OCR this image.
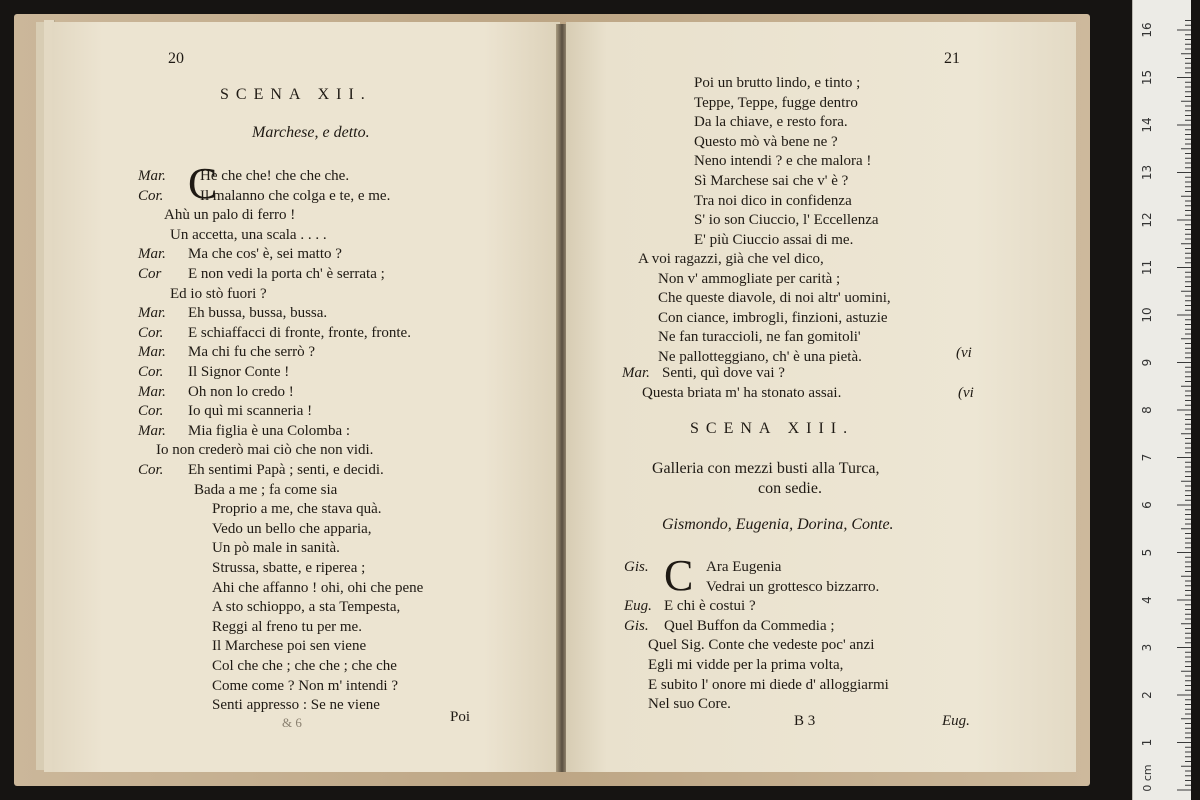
20
SCENA XII.
Marchese, e detto.
C
Mar. He che che! che che che.
Cor. Il malanno che colga e te, e me.
Ahù un palo di ferro !
Un accetta, una scala . . . .
Mar. Ma che cos' è, sei matto ?
Cor E non vedi la porta ch' è serrata ;
Ed io stò fuori ?
Mar. Eh bussa, bussa, bussa.
Cor. E schiaffacci di fronte, fronte, fronte.
Mar. Ma chi fu che serrò ?
Cor. Il Signor Conte !
Mar. Oh non lo credo !
Cor. Io quì mi scanneria !
Mar. Mia figlia è una Colomba :
Io non crederò mai ciò che non vidi.
Cor. Eh sentimi Papà ; senti, e decidi.
Bada a me ; fa come sia
Proprio a me, che stava quà.
Vedo un bello che apparia,
Un pò male in sanità.
Strussa, sbatte, e riperea ;
Ahi che affanno ! ohi, ohi che pene
A sto schioppo, a sta Tempesta,
Reggi al freno tu per me.
Il Marchese poi sen viene
Col che che ; che che ; che che
Come come ? Non m' intendi ?
Senti appresso : Se ne viene
& 6	Poi
21
Poi un brutto lindo, e tinto ;
Teppe, Teppe, fugge dentro
Da la chiave, e resto fora.
Questo mò và bene ne ?
Neno intendi ? e che malora !
Sì Marchese sai che v' è ?
Tra noi dico in confidenza
S' io son Ciuccio, l' Eccellenza
E' più Ciuccio assai di me.
A voi ragazzi, già che vel dico,
Non v' ammogliate per carità ;
Che queste diavole, di noi altr' uomini,
Con ciance, imbrogli, finzioni, astuzie
Ne fan turaccioli, ne fan gomitoli'
Ne pallotteggiano, ch' è una pietà.	(vi
Mar. Senti, quì dove vai ?
Questa briata m' ha stonato assai.	(vi
SCENA XIII.
Galleria con mezzi busti alla Turca,
con sedie.
Gismondo, Eugenia, Dorina, Conte.
C
Gis.	Ara Eugenia
Vedrai un grottesco bizzarro.
Eug. E chi è costui ?
Gis. Quel Buffon da Commedia ;
Quel Sig. Conte che vedeste poc' anzi
Egli mi vidde per la prima volta,
E subito l' onore mi diede d' alloggiarmi
Nel suo Core.
B 3	Eug.
1
2
3
4
5
6
7
8
9
10
11
12
13
14
15
16
0 cm
